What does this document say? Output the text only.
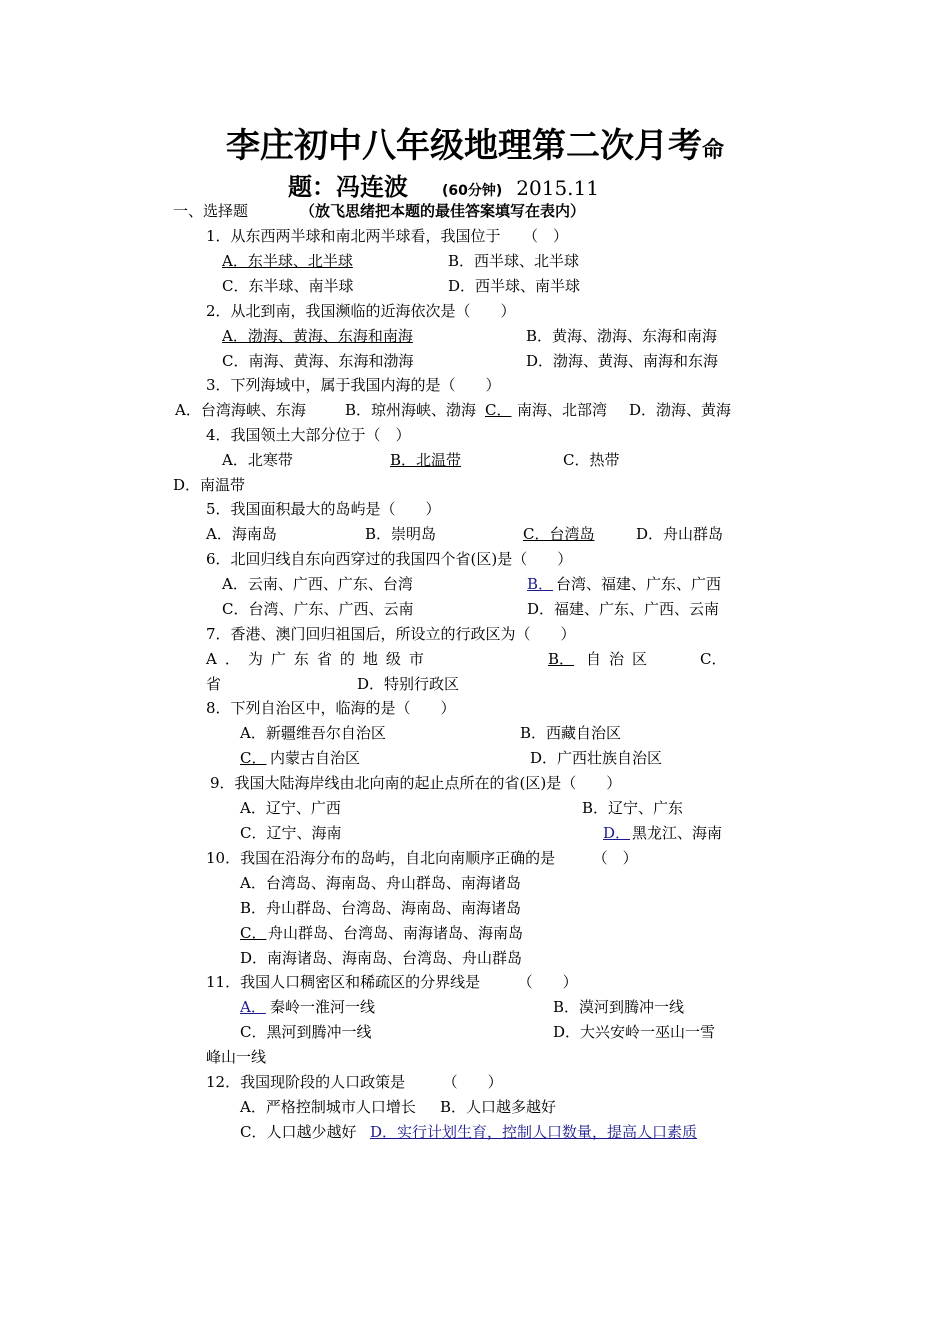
李庄初中八年级地理第二次月考命
题：冯连波 (60分钟) 2015.11
一、选择题	（放飞思绪把本题的最佳答案填写在表内）
1．从东西两半球和南北两半球看，我国位于　　（　）
A．东半球、北半球	B．西半球、北半球
C．东半球、南半球	D．西半球、南半球
2．从北到南，我国濒临的近海依次是（　　）
A．渤海、黄海、东海和南海	B．黄海、渤海、东海和南海
C．南海、黄海、东海和渤海	D．渤海、黄海、南海和东海
3．下列海域中，属于我国内海的是（　　）
A．台湾海峡、东海	B．琼州海峡、渤海 C． 南海、北部湾 D．渤海、黄海
4．我国领土大部分位于（　）
A．北寒带	B．北温带	C．热带
D．南温带
5．我国面积最大的岛屿是（　　）
A．海南岛	B．崇明岛	C．台湾岛	D．舟山群岛
6．北回归线自东向西穿过的我国四个省(区)是（　　）
A．云南、广西、广东、台湾	B． 台湾、福建、广东、广西
C．台湾、广东、广西、云南	D．福建、广东、广西、云南
7．香港、澳门回归祖国后，所设立的行政区为（　　）
A．为广东省的地级市	B． 自治区	C．
省	D．特别行政区
8．下列自治区中，临海的是（　　）
A．新疆维吾尔自治区	B．西藏自治区
C． 内蒙古自治区	D．广西壮族自治区
9．我国大陆海岸线由北向南的起止点所在的省(区)是（　　）
A．辽宁、广西	B．辽宁、广东
C．辽宁、海南	D． 黑龙江、海南
10．我国在沿海分布的岛屿，自北向南顺序正确的是　　　（　）
A．台湾岛、海南岛、舟山群岛、南海诸岛
B．舟山群岛、台湾岛、海南岛、南海诸岛
C． 舟山群岛、台湾岛、南海诸岛、海南岛
D．南海诸岛、海南岛、台湾岛、舟山群岛
11．我国人口稠密区和稀疏区的分界线是　　　（　　）
A． 秦岭一淮河一线	B．漠河到腾冲一线
C．黑河到腾冲一线	D．大兴安岭一巫山一雪
峰山一线
12．我国现阶段的人口政策是　　　（　　）
A．严格控制城市人口增长 B．人口越多越好
C．人口越少越好 D．实行计划生育，控制人口数量，提高人口素质
